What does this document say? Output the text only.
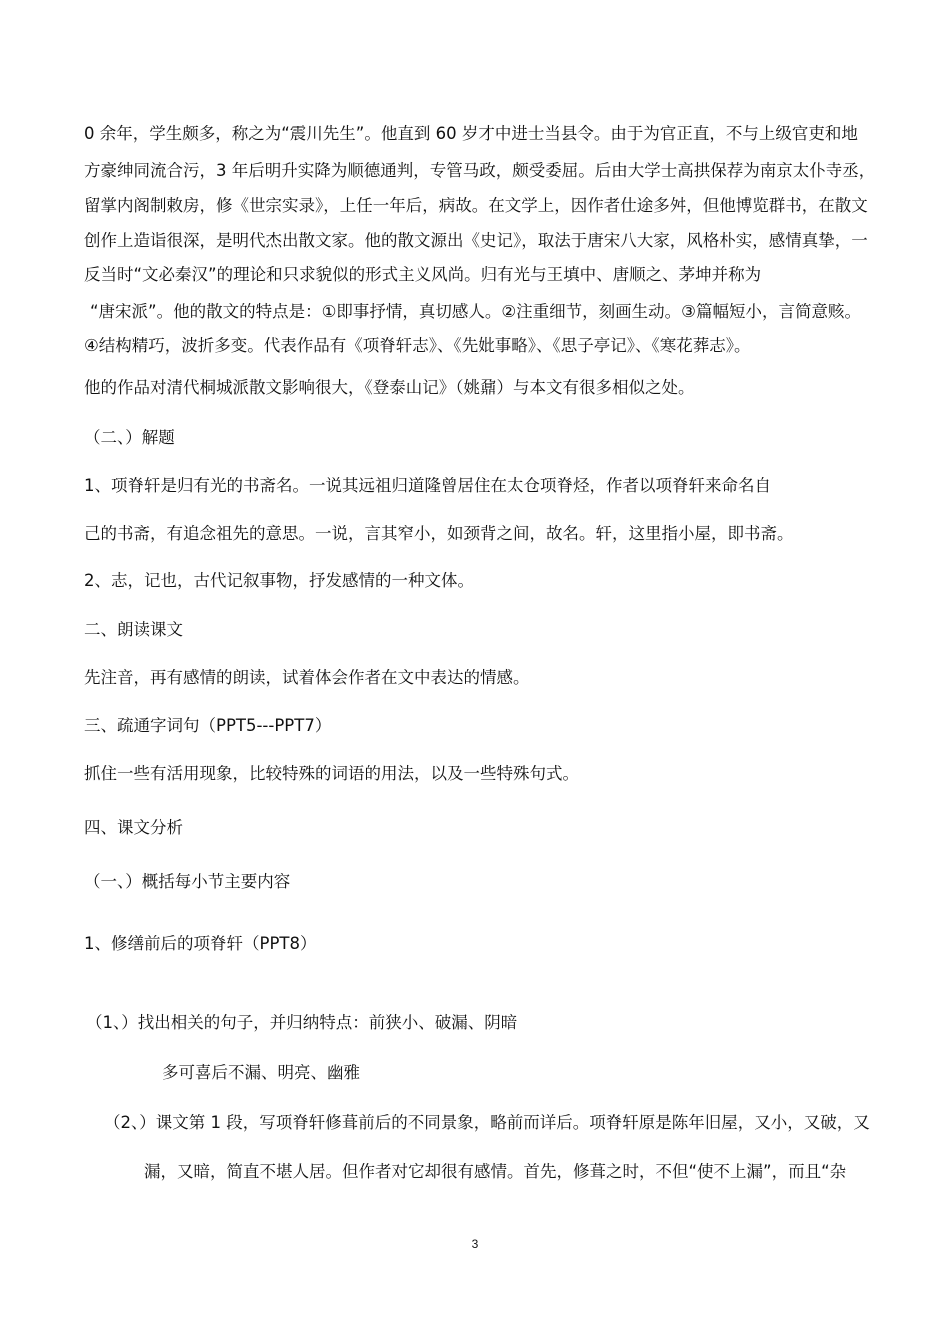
0 余年，学生颇多，称之为“震川先生”。他直到 60 岁才中进士当县令。由于为官正直，不与上级官吏和地
方豪绅同流合污，3 年后明升实降为顺德通判，专管马政，颇受委屈。后由大学士高拱保荐为南京太仆寺丞，
留掌内阁制敕房，修《世宗实录》，上任一年后，病故。在文学上，因作者仕途多舛，但他博览群书，在散文
创作上造诣很深，是明代杰出散文家。他的散文源出《史记》，取法于唐宋八大家，风格朴实，感情真挚，一
反当时“文必秦汉”的理论和只求貌似的形式主义风尚。归有光与王填中、唐顺之、茅坤并称为
“唐宋派”。他的散文的特点是：①即事抒情，真切感人。②注重细节，刻画生动。③篇幅短小，言简意赅。
④结构精巧，波折多变。代表作品有《项脊轩志》、《先妣事略》、《思子亭记》、《寒花葬志》。
他的作品对清代桐城派散文影响很大，《登泰山记》（姚鼐）与本文有很多相似之处。
（二、）解题
1、项脊轩是归有光的书斋名。一说其远祖归道隆曾居住在太仓项脊烃，作者以项脊轩来命名自
己的书斋，有追念祖先的意思。一说，言其窄小，如颈背之间，故名。轩，这里指小屋，即书斋。
2、志，记也，古代记叙事物，抒发感情的一种文体。
二、朗读课文
先注音，再有感情的朗读，试着体会作者在文中表达的情感。
三、疏通字词句（PPT5---PPT7）
抓住一些有活用现象，比较特殊的词语的用法，以及一些特殊句式。
四、课文分析
（一、）概括每小节主要内容
1、修缮前后的项脊轩（PPT8）
（1、）找出相关的句子，并归纳特点：前狭小、破漏、阴暗
多可喜后不漏、明亮、幽雅
（2、）课文第 1 段，写项脊轩修葺前后的不同景象，略前而详后。项脊轩原是陈年旧屋，又小，又破，又
漏，又暗，简直不堪人居。但作者对它却很有感情。首先，修葺之时，不但“使不上漏”，而且“杂
3
